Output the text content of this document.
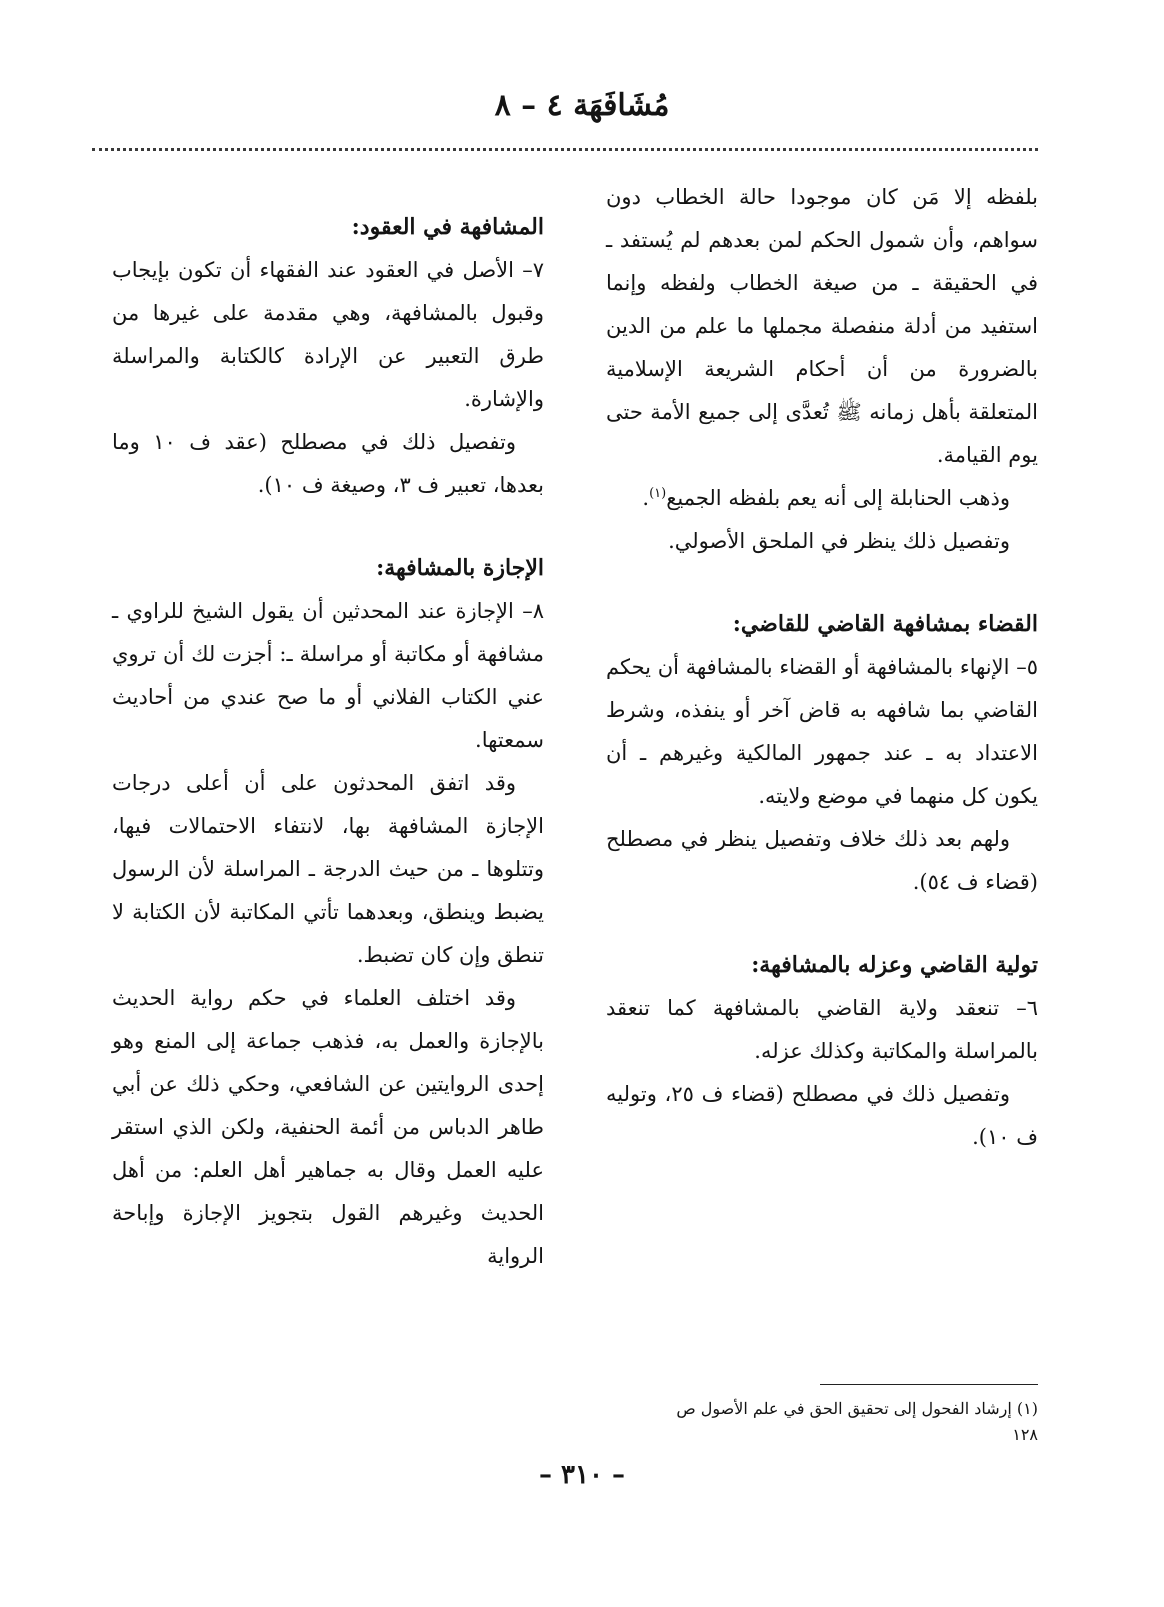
مُشَافَهَة ٤ – ٨

بلفظه إلا مَن كان موجودا حالة الخطاب دون سواهم، وأن شمول الحكم لمن بعدهم لم يُستفد ـ في الحقيقة ـ من صيغة الخطاب ولفظه وإنما استفيد من أدلة منفصلة مجملها ما علم من الدين بالضرورة من أن أحكام الشريعة الإسلامية المتعلقة بأهل زمانه ﷺ تُعدَّى إلى جميع الأمة حتى يوم القيامة.

وذهب الحنابلة إلى أنه يعم بلفظه الجميع$^{(١)}$.

وتفصيل ذلك ينظر في الملحق الأصولي.

القضاء بمشافهة القاضي للقاضي:

٥– الإنهاء بالمشافهة أو القضاء بالمشافهة أن يحكم القاضي بما شافهه به قاض آخر أو ينفذه، وشرط الاعتداد به ـ عند جمهور المالكية وغيرهم ـ أن يكون كل منهما في موضع ولايته.

ولهم بعد ذلك خلاف وتفصيل ينظر في مصطلح (قضاء ف ٥٤).

تولية القاضي وعزله بالمشافهة:

٦– تنعقد ولاية القاضي بالمشافهة كما تنعقد بالمراسلة والمكاتبة وكذلك عزله.

وتفصيل ذلك في مصطلح (قضاء ف ٢٥، وتوليه ف ١٠).

المشافهة في العقود:

٧– الأصل في العقود عند الفقهاء أن تكون بإيجاب وقبول بالمشافهة، وهي مقدمة على غيرها من طرق التعبير عن الإرادة كالكتابة والمراسلة والإشارة.

وتفصيل ذلك في مصطلح (عقد ف ١٠ وما بعدها، تعبير ف ٣، وصيغة ف ١٠).

الإجازة بالمشافهة:

٨– الإجازة عند المحدثين أن يقول الشيخ للراوي ـ مشافهة أو مكاتبة أو مراسلة ـ: أجزت لك أن تروي عني الكتاب الفلاني أو ما صح عندي من أحاديث سمعتها.

وقد اتفق المحدثون على أن أعلى درجات الإجازة المشافهة بها، لانتفاء الاحتمالات فيها، وتتلوها ـ من حيث الدرجة ـ المراسلة لأن الرسول يضبط وينطق، وبعدهما تأتي المكاتبة لأن الكتابة لا تنطق وإن كان تضبط.

وقد اختلف العلماء في حكم رواية الحديث بالإجازة والعمل به، فذهب جماعة إلى المنع وهو إحدى الروايتين عن الشافعي، وحكي ذلك عن أبي طاهر الدباس من أئمة الحنفية، ولكن الذي استقر عليه العمل وقال به جماهير أهل العلم: من أهل الحديث وغيرهم القول بتجويز الإجازة وإباحة الرواية

(١) إرشاد الفحول إلى تحقيق الحق في علم الأصول ص
١٢٨
– ٣١٠ –
